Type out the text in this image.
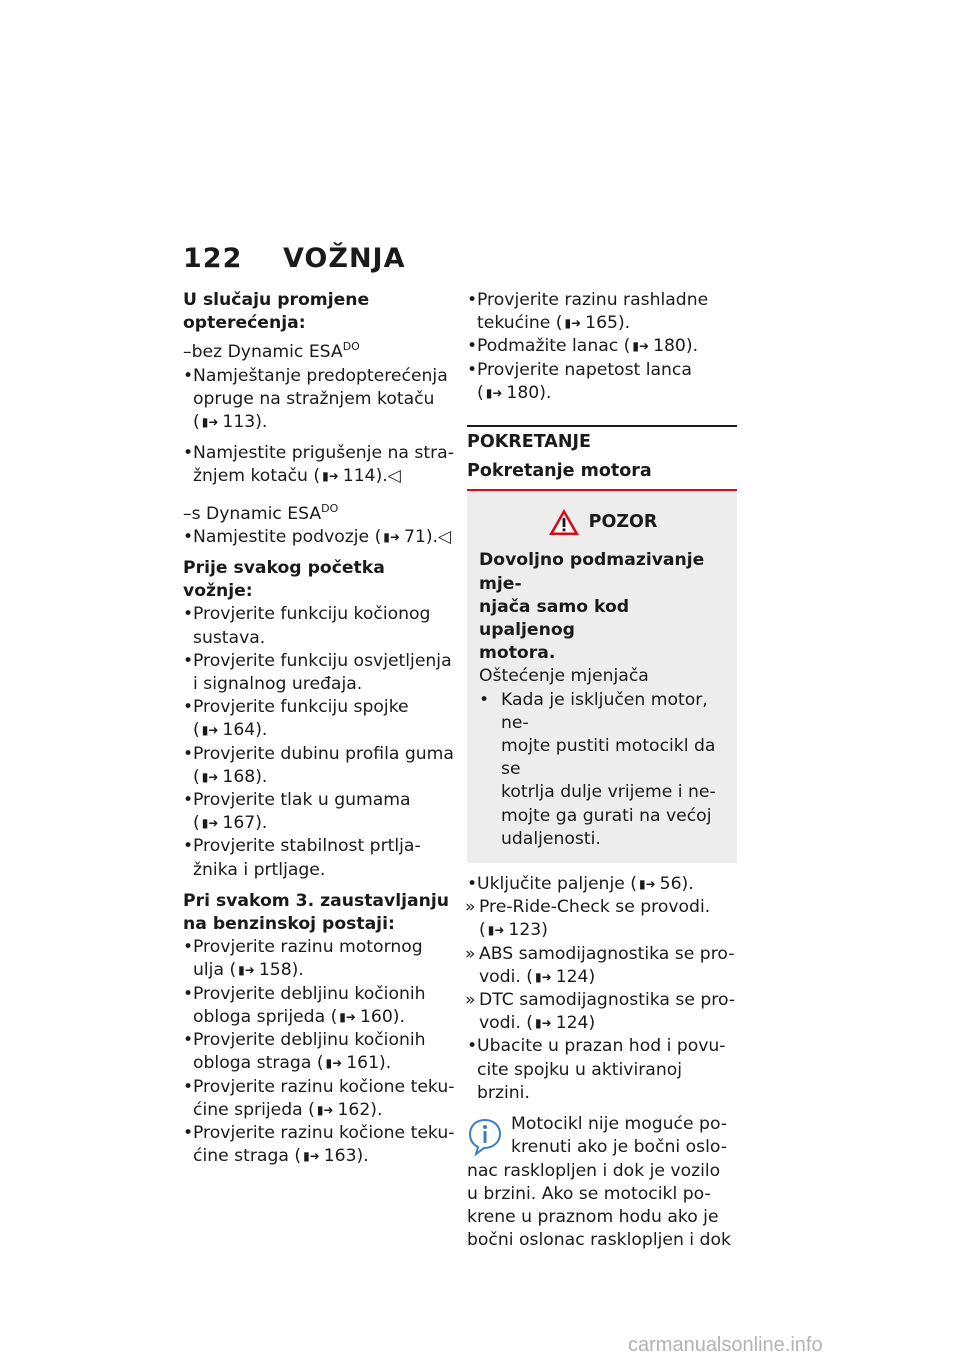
122 VOŽNJA
U slučaju promjene opterećenja:
–bez Dynamic $ESA^{DO}$
• Namještanje predopterećenja
opruge na stražnjem kotaču
( ▮➜ 113).
• Namjestite prigušenje na stra-
žnjem kotaču ( ▮➜ 114).◁
–s Dynamic $ESA^{DO}$
• Namjestite podvozje ( ▮➜ 71).◁
Prije svakog početka vožnje:
• Provjerite funkciju kočionog
sustava.
• Provjerite funkciju osvjetljenja
i signalnog uređaja.
• Provjerite funkciju spojke
( ▮➜ 164).
• Provjerite dubinu profila guma
( ▮➜ 168).
• Provjerite tlak u gumama
( ▮➜ 167).
• Provjerite stabilnost prtlja-
žnika i prtljage.
Pri svakom 3. zaustavljanju na benzinskoj postaji:
• Provjerite razinu motornog
ulja ( ▮➜ 158).
• Provjerite debljinu kočionih
obloga sprijeda ( ▮➜ 160).
• Provjerite debljinu kočionih
obloga straga ( ▮➜ 161).
• Provjerite razinu kočione teku-
ćine sprijeda ( ▮➜ 162).
• Provjerite razinu kočione teku-
ćine straga ( ▮➜ 163).
• Provjerite razinu rashladne
tekućine ( ▮➜ 165).
• Podmažite lanac ( ▮➜ 180).
• Provjerite napetost lanca
( ▮➜ 180).
POKRETANJE
Pokretanje motora
POZOR
Dovoljno podmazivanje mje-
njača samo kod upaljenog
motora.
Oštećenje mjenjača
• Kada je isključen motor, ne-
mojte pustiti motocikl da se
kotrlja dulje vrijeme i ne-
mojte ga gurati na većoj
udaljenosti.
• Uključite paljenje ( ▮➜ 56).
» Pre-Ride-Check se provodi.
( ▮➜ 123)
» ABS samodijagnostika se pro-
vodi. ( ▮➜ 124)
» DTC samodijagnostika se pro-
vodi. ( ▮➜ 124)
• Ubacite u prazan hod i povu-
cite spojku u aktiviranoj brzini.
Motocikl nije moguće po-
krenuti ako je bočni oslo-
nac rasklopljen i dok je vozilo
u brzini. Ako se motocikl po-
krene u praznom hodu ako je
bočni oslonac rasklopljen i dok
carmanualsonline.info
